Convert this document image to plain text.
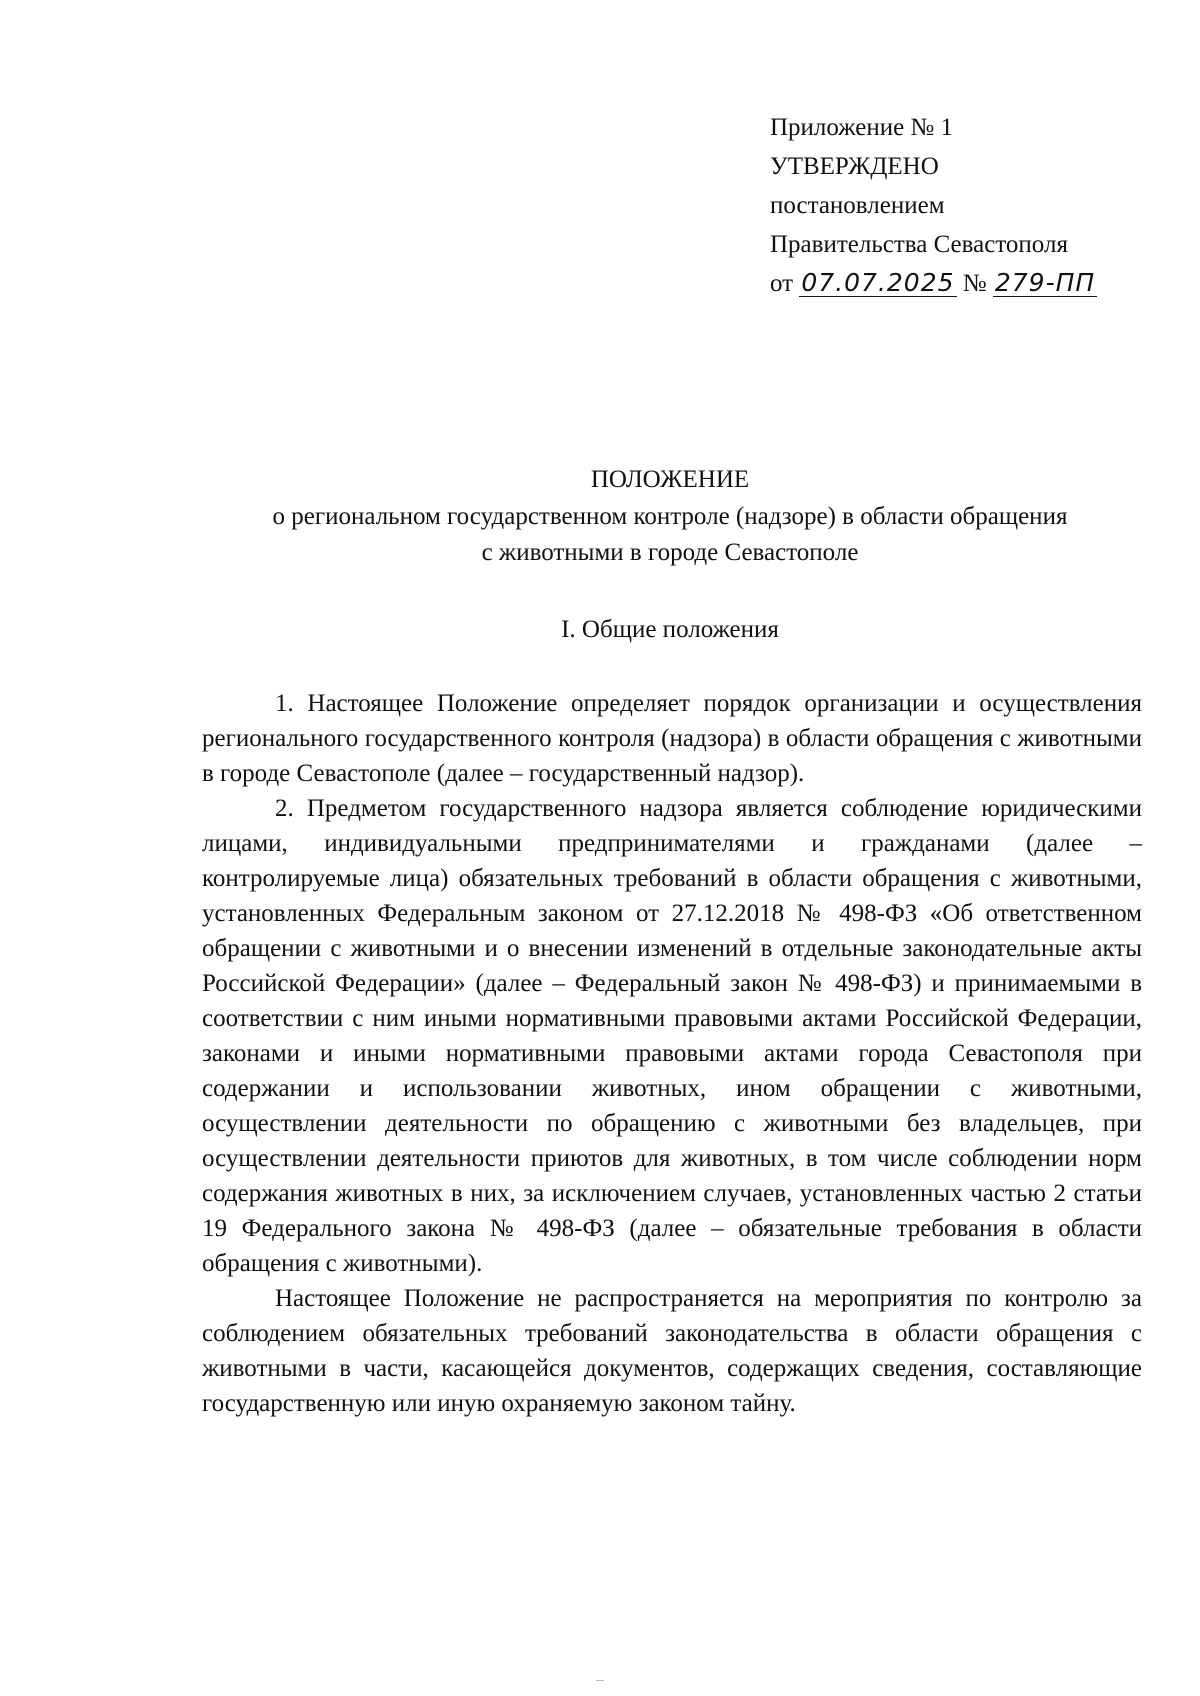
Приложение № 1
УТВЕРЖДЕНО
постановлением
Правительства Севастополя
от 07.07.2025 № 279-ПП
ПОЛОЖЕНИЕ
о региональном государственном контроле (надзоре) в области обращения
с животными в городе Севастополе
I. Общие положения

1. Настоящее Положение определяет порядок организации и осуществления регионального государственного контроля (надзора) в области обращения с животными в городе Севастополе (далее – государственный надзор).

2. Предметом государственного надзора является соблюдение юридическими лицами, индивидуальными предпринимателями и гражданами (далее – контролируемые лица) обязательных требований в области обращения с животными, установленных Федеральным законом от 27.12.2018 № 498-ФЗ «Об ответственном обращении с животными и о внесении изменений в отдельные законодательные акты Российской Федерации» (далее – Федеральный закон № 498-ФЗ) и принимаемыми в соответствии с ним иными нормативными правовыми актами Российской Федерации, законами и иными нормативными правовыми актами города Севастополя при содержании и использовании животных, ином обращении с животными, осуществлении деятельности по обращению с животными без владельцев, при осуществлении деятельности приютов для животных, в том числе соблюдении норм содержания животных в них, за исключением случаев, установленных частью 2 статьи 19 Федерального закона № 498-ФЗ (далее – обязательные требования в области обращения с животными).

Настоящее Положение не распространяется на мероприятия по контролю за соблюдением обязательных требований законодательства в области обращения с животными в части, касающейся документов, содержащих сведения, составляющие государственную или иную охраняемую законом тайну.
